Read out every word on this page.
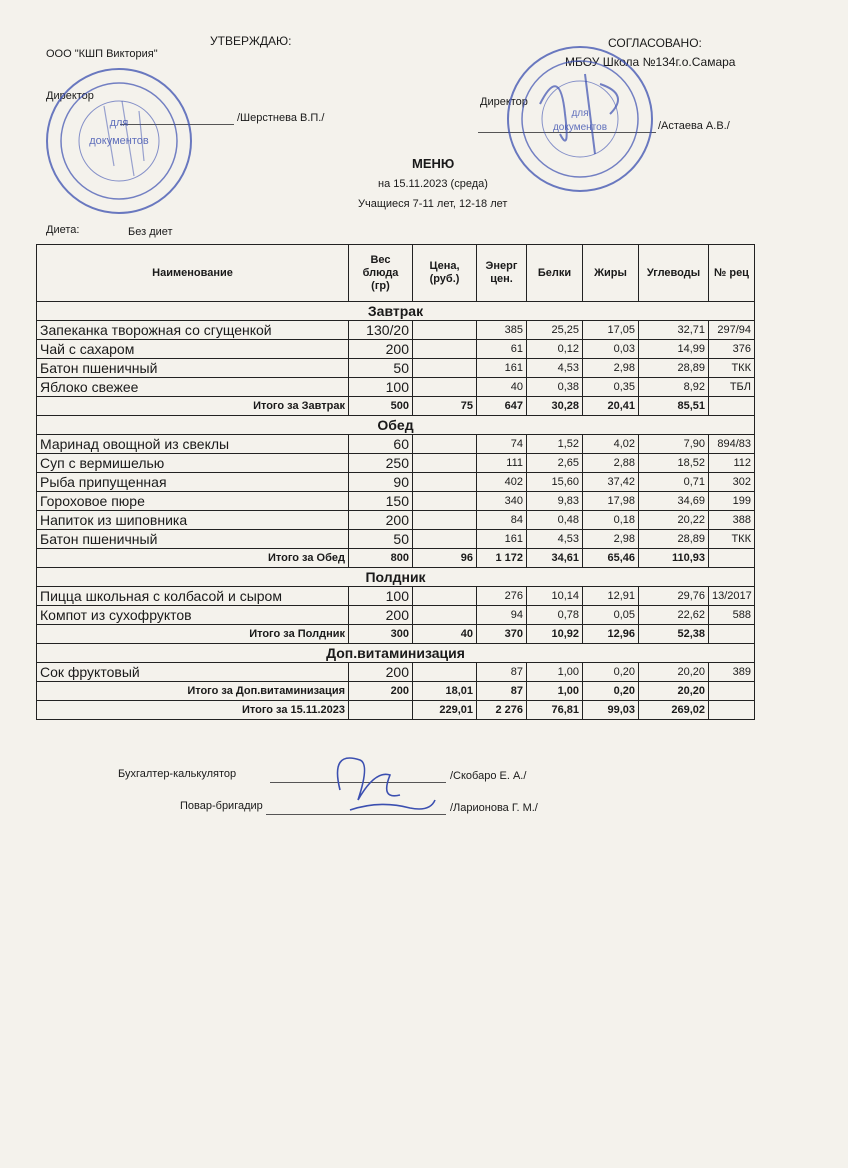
УТВЕРЖДАЮ:
ООО "КШП Виктория"
Директор
/Шерстнева В.П./
СОГЛАСОВАНО:
МБОУ Школа №134г.о.Самара
Директор
/Астаева А.В./
для
документов
для
документов
МЕНЮ
на 15.11.2023 (среда)
Учащиеся 7-11 лет, 12-18 лет
Диета:	Без диет
Наименование	Вес блюда (гр)	Цена, (руб.)	Энерг цен.	Белки	Жиры	Углеводы	№ рец
Завтрак							
Запеканка творожная со сгущенкой	130/20		385	25,25	17,05	32,71	297/94
Чай с сахаром	200		61	0,12	0,03	14,99	376
Батон пшеничный	50		161	4,53	2,98	28,89	ТКК
Яблоко свежее	100		40	0,38	0,35	8,92	ТБЛ
Итого за Завтрак	500	75	647	30,28	20,41	85,51	
Обед							
Маринад овощной из свеклы	60		74	1,52	4,02	7,90	894/83
Суп с вермишелью	250		111	2,65	2,88	18,52	112
Рыба припущенная	90		402	15,60	37,42	0,71	302
Гороховое пюре	150		340	9,83	17,98	34,69	199
Напиток из шиповника	200		84	0,48	0,18	20,22	388
Батон пшеничный	50		161	4,53	2,98	28,89	ТКК
Итого за Обед	800	96	1 172	34,61	65,46	110,93	
Полдник							
Пицца школьная с колбасой и сыром	100		276	10,14	12,91	29,76	13/2017
Компот из сухофруктов	200		94	0,78	0,05	22,62	588
Итого за Полдник	300	40	370	10,92	12,96	52,38	
Доп.витаминизация							
Сок фруктовый	200		87	1,00	0,20	20,20	389
Итого за Доп.витаминизация	200	18,01	87	1,00	0,20	20,20	
Итого за 15.11.2023		229,01	2 276	76,81	99,03	269,02	
Бухгалтер-калькулятор	/Скобаро Е. А./
Повар-бригадир	/Ларионова Г. М./
